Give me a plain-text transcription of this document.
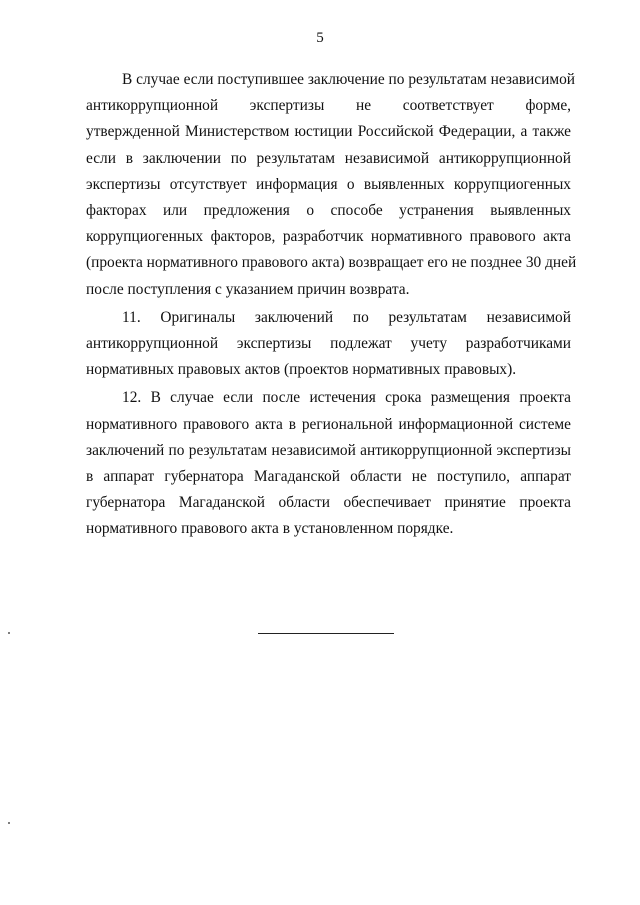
5

В случае если поступившее заключение по результатам независимой
антикоррупционной экспертизы не соответствует форме,
утвержденной Министерством юстиции Российской Федерации, а также
если в заключении по результатам независимой антикоррупционной
экспертизы отсутствует информация о выявленных коррупциогенных
факторах или предложения о способе устранения выявленных
коррупциогенных факторов, разработчик нормативного правового акта
(проекта нормативного правового акта) возвращает его не позднее 30 дней
после поступления с указанием причин возврата.

11. Оригиналы заключений по результатам независимой
антикоррупционной экспертизы подлежат учету разработчиками
нормативных правовых актов (проектов нормативных правовых).

12. В случае если после истечения срока размещения проекта
нормативного правового акта в региональной информационной системе
заключений по результатам независимой антикоррупционной экспертизы
в аппарат губернатора Магаданской области не поступило, аппарат
губернатора Магаданской области обеспечивает принятие проекта
нормативного правового акта в установленном порядке.
